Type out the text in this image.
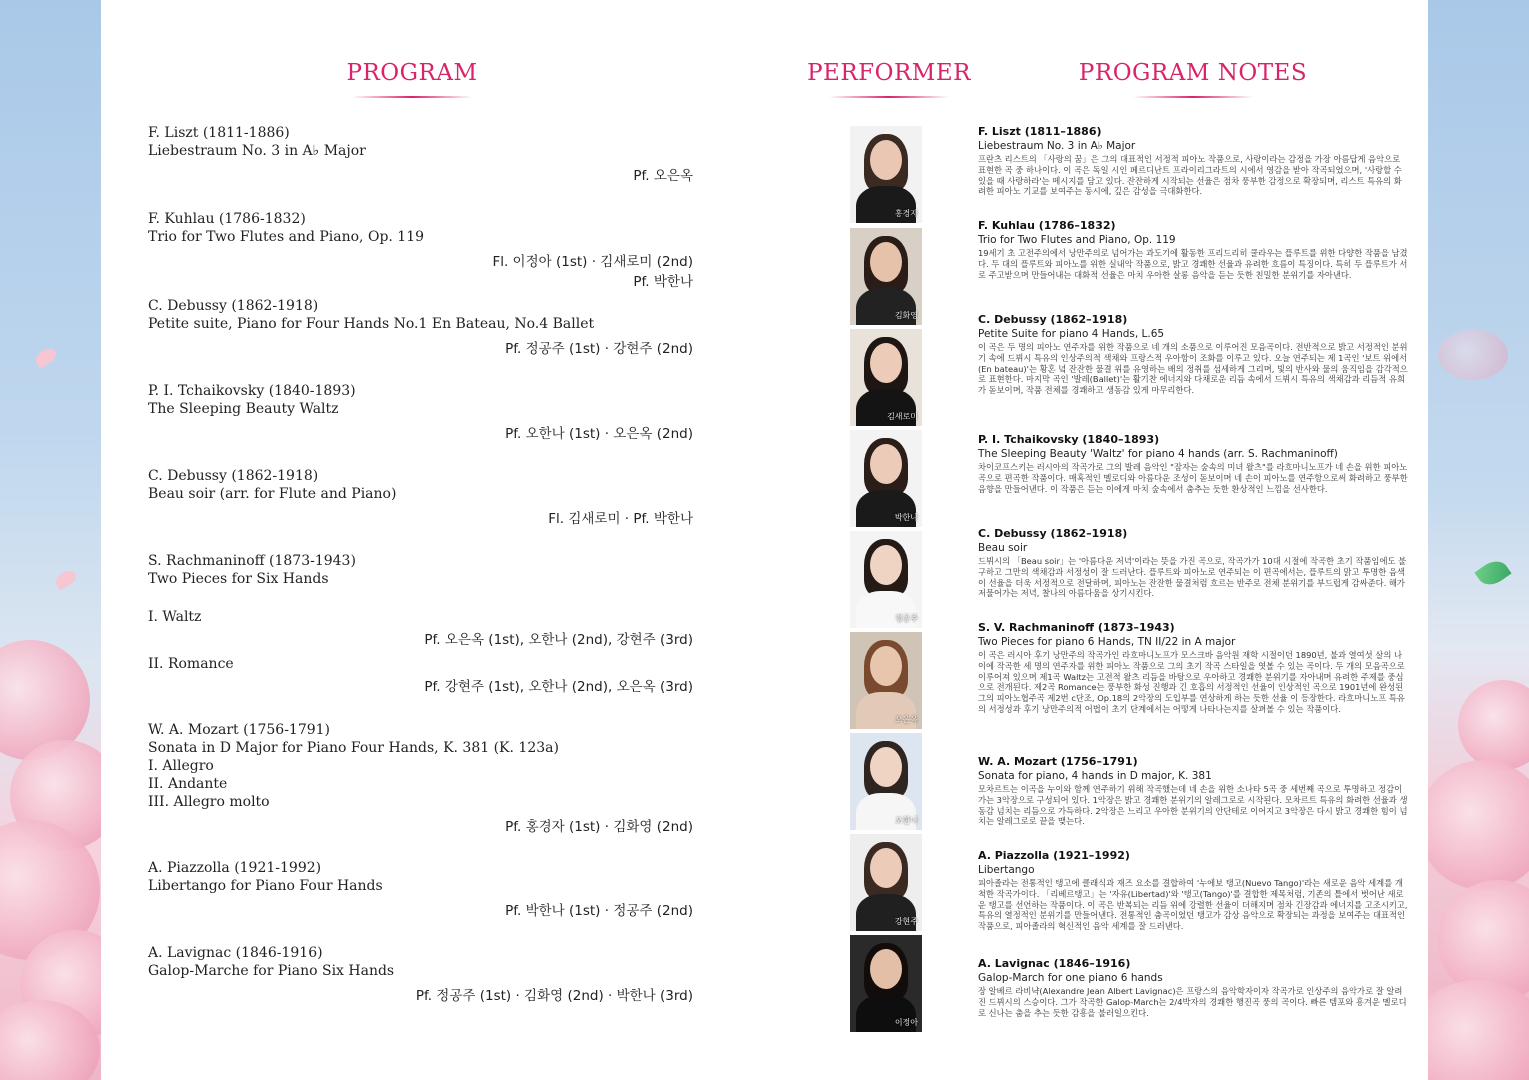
PROGRAM	PERFORMER	PROGRAM NOTES
F. Liszt (1811-1886)
Liebestraum No. 3 in A♭ Major
Pf. 오은옥
F. Kuhlau (1786-1832)
Trio for Two Flutes and Piano, Op. 119
Fl. 이정아 (1st) · 김새로미 (2nd)
Pf. 박한나
C. Debussy (1862-1918)
Petite suite, Piano for Four Hands No.1 En Bateau, No.4 Ballet
Pf. 정공주 (1st) · 강현주 (2nd)
P. I. Tchaikovsky (1840-1893)
The Sleeping Beauty Waltz
Pf. 오한나 (1st) · 오은옥 (2nd)
C. Debussy (1862-1918)
Beau soir (arr. for Flute and Piano)
Fl. 김새로미 · Pf. 박한나
S. Rachmaninoff (1873-1943)
Two Pieces for Six Hands
I. Waltz
Pf. 오은옥 (1st), 오한나 (2nd), 강현주 (3rd)
II. Romance
Pf. 강현주 (1st), 오한나 (2nd), 오은옥 (3rd)
W. A. Mozart (1756-1791)
Sonata in D Major for Piano Four Hands, K. 381 (K. 123a)
I. Allegro
II. Andante
III. Allegro molto
Pf. 홍경자 (1st) · 김화영 (2nd)
A. Piazzolla (1921-1992)
Libertango for Piano Four Hands
Pf. 박한나 (1st) · 정공주 (2nd)
A. Lavignac (1846-1916)
Galop-Marche for Piano Six Hands
Pf. 정공주 (1st) · 김화영 (2nd) · 박한나 (3rd)
홍경자
김화영
김새로미
박한나
정공주
오은옥
오한나
강현주
이정아
F. Liszt (1811–1886)
Liebestraum No. 3 in A♭ Major
프란츠 리스트의 「사랑의 꿈」은 그의 대표적인 서정적 피아노 작품으로, 사랑이라는 감정을 가장 아름답게 음악으로 표현한 곡 중 하나이다. 이 곡은 독일 시인 페르디난트 프라이리그라트의 시에서 영감을 받아 작곡되었으며, '사랑할 수 있을 때 사랑하라'는 메시지를 담고 있다. 잔잔하게 시작되는 선율은 점차 풍부한 감정으로 확장되며, 리스트 특유의 화려한 피아노 기교를 보여주는 동시에, 깊은 감성을 극대화한다.
F. Kuhlau (1786–1832)
Trio for Two Flutes and Piano, Op. 119
19세기 초 고전주의에서 낭만주의로 넘어가는 과도기에 활동한 프리드리히 쿨라우는 플루트를 위한 다양한 작품을 남겼다. 두 대의 플루트와 피아노를 위한 실내악 작품으로, 밝고 경쾌한 선율과 유려한 흐름이 특징이다. 특히 두 플루트가 서로 주고받으며 만들어내는 대화적 선율은 마치 우아한 살롱 음악을 듣는 듯한 친밀한 분위기를 자아낸다.
C. Debussy (1862–1918)
Petite Suite for piano 4 Hands, L.65
이 곡은 두 명의 피아노 연주자를 위한 작품으로 네 개의 소품으로 이루어진 모음곡이다. 전반적으로 밝고 서정적인 분위기 속에 드뷔시 특유의 인상주의적 색채와 프랑스적 우아함이 조화를 이루고 있다. 오늘 연주되는 제 1곡인 '보트 위에서(En bateau)'는 황혼 녘 잔잔한 물결 위를 유영하는 배의 정취를 섬세하게 그리며, 빛의 반사와 물의 움직임을 감각적으로 표현한다. 마지막 곡인 '발레(Ballet)'는 활기찬 에너지와 다채로운 리듬 속에서 드뷔시 특유의 색채감과 리듬적 유희가 돋보이며, 작품 전체를 경쾌하고 생동감 있게 마무리한다.
P. I. Tchaikovsky (1840–1893)
The Sleeping Beauty 'Waltz' for piano 4 hands (arr. S. Rachmaninoff)
차이코프스키는 러시아의 작곡가로 그의 발레 음악인 "잠자는 숲속의 미녀 왈츠"를 라흐마니노프가 네 손을 위한 피아노 곡으로 편곡한 작품이다. 매혹적인 멜로디와 아름다운 조성이 돋보이며 네 손이 피아노를 연주함으로써 화려하고 풍부한 음향을 만들어낸다. 이 작품은 듣는 이에게 마치 숲속에서 춤추는 듯한 환상적인 느낌을 선사한다.
C. Debussy (1862–1918)
Beau soir
드뷔시의 「Beau soir」는 '아름다운 저녁'이라는 뜻을 가진 곡으로, 작곡가가 10대 시절에 작곡한 초기 작품임에도 불구하고 그만의 색채감과 서정성이 잘 드러난다. 플루트와 피아노로 연주되는 이 편곡에서는, 플루트의 맑고 투명한 음색이 선율을 더욱 서정적으로 전달하며, 피아노는 잔잔한 물결처럼 흐르는 반주로 전체 분위기를 부드럽게 감싸준다. 해가 저물어가는 저녁, 찰나의 아름다움을 상기시킨다.
S. V. Rachmaninoff (1873–1943)
Two Pieces for piano 6 Hands, TN II/22 in A major
이 곡은 러시아 후기 낭만주의 작곡가인 라흐마니노프가 모스크바 음악원 재학 시절이던 1890년, 불과 열여섯 살의 나이에 작곡한 세 명의 연주자를 위한 피아노 작품으로 그의 초기 작곡 스타일을 엿볼 수 있는 곡이다. 두 개의 모음곡으로 이루어져 있으며 제1곡 Waltz는 고전적 왈츠 리듬을 바탕으로 우아하고 경쾌한 분위기를 자아내며 유려한 주제를 중심으로 전개된다. 제2곡 Romance는 풍부한 화성 진행과 긴 호흡의 서정적인 선율이 인상적인 곡으로 1901년에 완성된 그의 피아노협주곡 제2번 c단조, Op.18의 2악장의 도입부를 연상하게 하는 듯한 선율 이 등장한다. 라흐마니노프 특유의 서정성과 후기 낭만주의적 어법이 초기 단계에서는 어떻게 나타나는지를 살펴볼 수 있는 작품이다.
W. A. Mozart (1756–1791)
Sonata for piano, 4 hands in D major, K. 381
모차르트는 이곡을 누이와 함께 연주하기 위해 작곡했는데 네 손을 위한 소나타 5곡 중 세번째 곡으로 투명하고 정감이 가는 3악장으로 구성되어 있다. 1악장은 밝고 경쾌한 분위기의 알레그로로 시작된다. 모차르트 특유의 화려한 선율과 생동감 넘치는 리듬으로 가득하다. 2악장은 느리고 우아한 분위기의 안단테로 이어지고 3악장은 다시 밝고 경쾌한 힘이 넘치는 알레그로로 끝을 맺는다.
A. Piazzolla (1921–1992)
Libertango
피아졸라는 전통적인 탱고에 클래식과 재즈 요소를 결합하여 '누에보 탱고(Nuevo Tango)'라는 새로운 음악 세계를 개척한 작곡가이다. 「리베르탱고」는 '자유(Libertad)'와 '탱고(Tango)'를 결합한 제목처럼, 기존의 틀에서 벗어난 새로운 탱고를 선언하는 작품이다. 이 곡은 반복되는 리듬 위에 강렬한 선율이 더해지며 점차 긴장감과 에너지를 고조시키고, 특유의 열정적인 분위기를 만들어낸다. 전통적인 춤곡이었던 탱고가 감상 음악으로 확장되는 과정을 보여주는 대표적인 작품으로, 피아졸라의 혁신적인 음악 세계를 잘 드러낸다.
A. Lavignac (1846–1916)
Galop-March for one piano 6 hands
장 알베르 라비냑(Alexandre Jean Albert Lavignac)은 프랑스의 음악학자이자 작곡가로 인상주의 음악가로 잘 알려진 드뷔시의 스승이다. 그가 작곡한 Galop-March는 2/4박자의 경쾌한 행진곡 풍의 곡이다. 빠른 템포와 흥겨운 멜로디로 신나는 춤을 추는 듯한 감흥을 불러일으킨다.
